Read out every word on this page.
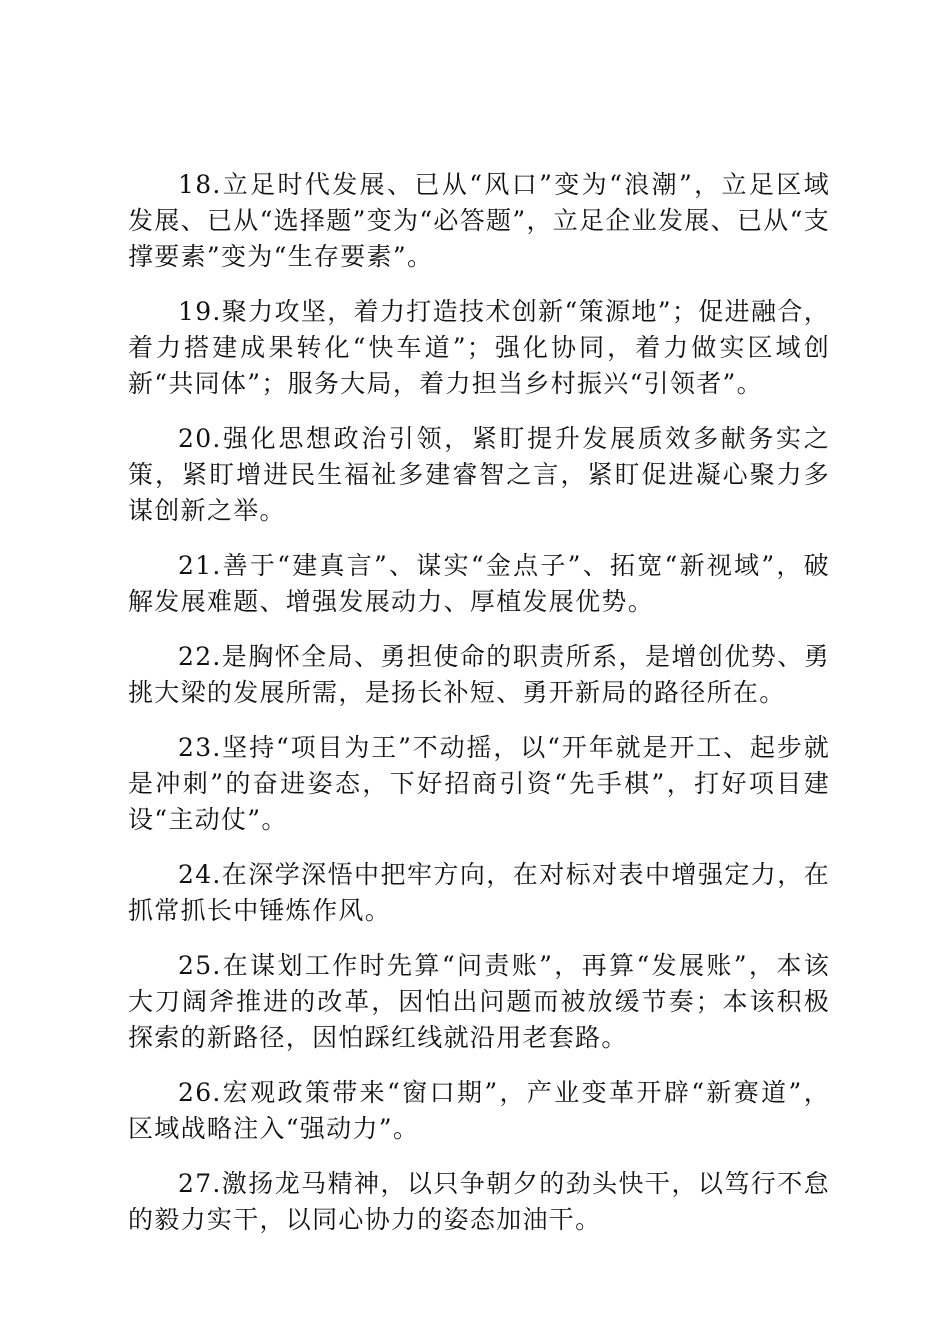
18.立足时代发展、已从“风口”变为“浪潮”，立足区域发展、已从“选择题”变为“必答题”，立足企业发展、已从“支撑要素”变为“生存要素”。

19.聚力攻坚，着力打造技术创新“策源地”；促进融合，着力搭建成果转化“快车道”；强化协同，着力做实区域创新“共同体”；服务大局，着力担当乡村振兴“引领者”。

20.强化思想政治引领，紧盯提升发展质效多献务实之策，紧盯增进民生福祉多建睿智之言，紧盯促进凝心聚力多谋创新之举。

21.善于“建真言”、谋实“金点子”、拓宽“新视域”，破解发展难题、增强发展动力、厚植发展优势。

22.是胸怀全局、勇担使命的职责所系，是增创优势、勇挑大梁的发展所需，是扬长补短、勇开新局的路径所在。

23.坚持“项目为王”不动摇，以“开年就是开工、起步就是冲刺”的奋进姿态，下好招商引资“先手棋”，打好项目建设“主动仗”。

24.在深学深悟中把牢方向，在对标对表中增强定力，在抓常抓长中锤炼作风。

25.在谋划工作时先算“问责账”，再算“发展账”，本该大刀阔斧推进的改革，因怕出问题而被放缓节奏；本该积极探索的新路径，因怕踩红线就沿用老套路。

26.宏观政策带来“窗口期”，产业变革开辟“新赛道”，区域战略注入“强动力”。

27.激扬龙马精神，以只争朝夕的劲头快干，以笃行不怠的毅力实干，以同心协力的姿态加油干。
